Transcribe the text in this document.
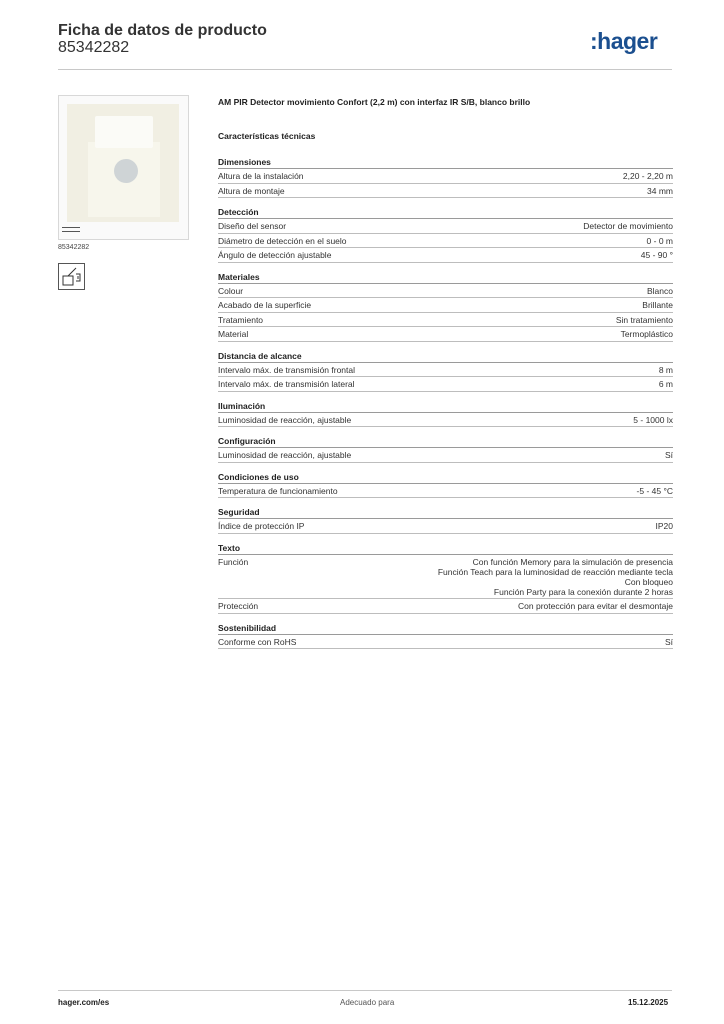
Ficha de datos de producto
85342282	:hager
85342282
AM PIR Detector movimiento Confort (2,2 m) con interfaz IR S/B, blanco brillo
Características técnicas
Dimensiones
Altura de la instalación	2,20 - 2,20 m
Altura de montaje	34 mm
Detección
Diseño del sensor	Detector de movimiento
Diámetro de detección en el suelo	0 - 0 m
Ángulo de detección ajustable	45 - 90 °
Materiales
Colour	Blanco
Acabado de la superficie	Brillante
Tratamiento	Sin tratamiento
Material	Termoplástico
Distancia de alcance
Intervalo máx. de transmisión frontal	8 m
Intervalo máx. de transmisión lateral	6 m
Iluminación
Luminosidad de reacción, ajustable	5 - 1000 lx
Configuración
Luminosidad de reacción, ajustable	Sí
Condiciones de uso
Temperatura de funcionamiento	-5 - 45 °C
Seguridad
Índice de protección IP	IP20
Texto
Función	Con función Memory para la simulación de presencia
Función Teach para la luminosidad de reacción mediante tecla
Con bloqueo
Función Party para la conexión durante 2 horas
Protección	Con protección para evitar el desmontaje
Sostenibilidad
Conforme con RoHS	Sí
hager.com/es	Adecuado para	15.12.2025
